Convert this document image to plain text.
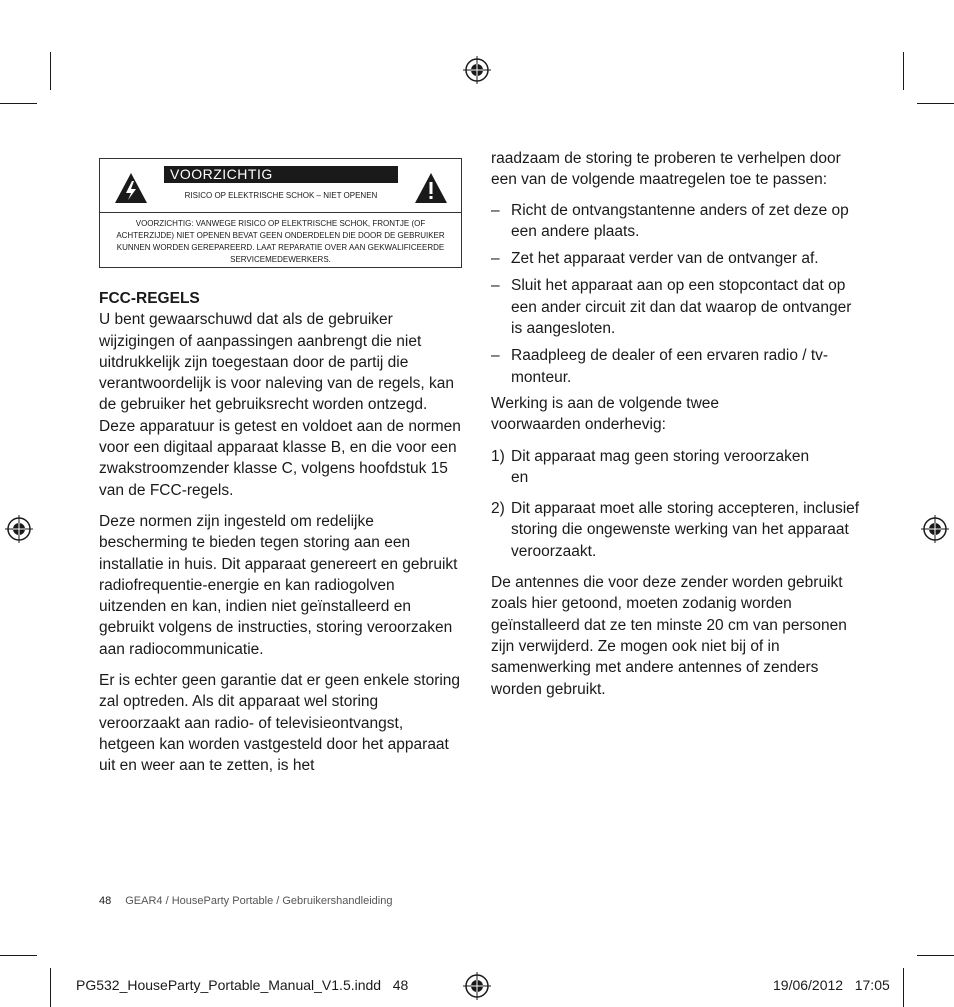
VOORZICHTIG
RISICO OP ELEKTRISCHE SCHOK – NIET OPENEN
VOORZICHTIG: VANWEGE RISICO OP ELEKTRISCHE SCHOK, FRONTJE (OF ACHTERZIJDE) NIET OPENEN BEVAT GEEN ONDERDELEN DIE DOOR DE GEBRUIKER KUNNEN WORDEN GEREPAREERD. LAAT REPARATIE OVER AAN GEKWALIFICEERDE SERVICEMEDEWERKERS.

FCC-REGELS

U bent gewaarschuwd dat als de gebruiker wijzigingen of aanpassingen aanbrengt die niet uitdrukkelijk zijn toegestaan door de partij die verantwoordelijk is voor naleving van de regels, kan de gebruiker het gebruiksrecht worden ontzegd. Deze apparatuur is getest en voldoet aan de normen voor een digitaal apparaat klasse B, en die voor een zwakstroomzender klasse C, volgens hoofdstuk 15 van de FCC-regels.

Deze normen zijn ingesteld om redelijke bescherming te bieden tegen storing aan een installatie in huis. Dit apparaat genereert en gebruikt radiofrequentie-energie en kan radiogolven uitzenden en kan, indien niet geïnstalleerd en gebruikt volgens de instructies, storing veroorzaken aan radiocommunicatie.

Er is echter geen garantie dat er geen enkele storing zal optreden. Als dit apparaat wel storing veroorzaakt aan radio- of televisieontvangst, hetgeen kan worden vastgesteld door het apparaat uit en weer aan te zetten, is het

raadzaam de storing te proberen te verhelpen door een van de volgende maatregelen toe te passen:

– Richt de ontvangstantenne anders of zet deze op een andere plaats.

– Zet het apparaat verder van de ontvanger af.

– Sluit het apparaat aan op een stopcontact dat op een ander circuit zit dan dat waarop de ontvanger is aangesloten.

– Raadpleeg de dealer of een ervaren radio / tv-monteur.

Werking is aan de volgende twee voorwaarden onderhevig:

1) Dit apparaat mag geen storing veroorzaken en

2) Dit apparaat moet alle storing accepteren, inclusief storing die ongewenste werking van het apparaat veroorzaakt.

De antennes die voor deze zender worden gebruikt zoals hier getoond, moeten zodanig worden geïnstalleerd dat ze ten minste 20 cm van personen zijn verwijderd. Ze mogen ook niet bij of in samenwerking met andere antennes of zenders worden gebruikt.

48 GEAR4 / HouseParty Portable / Gebruikershandleiding
PG532_HouseParty_Portable_Manual_V1.5.indd   48	19/06/2012   17:05
